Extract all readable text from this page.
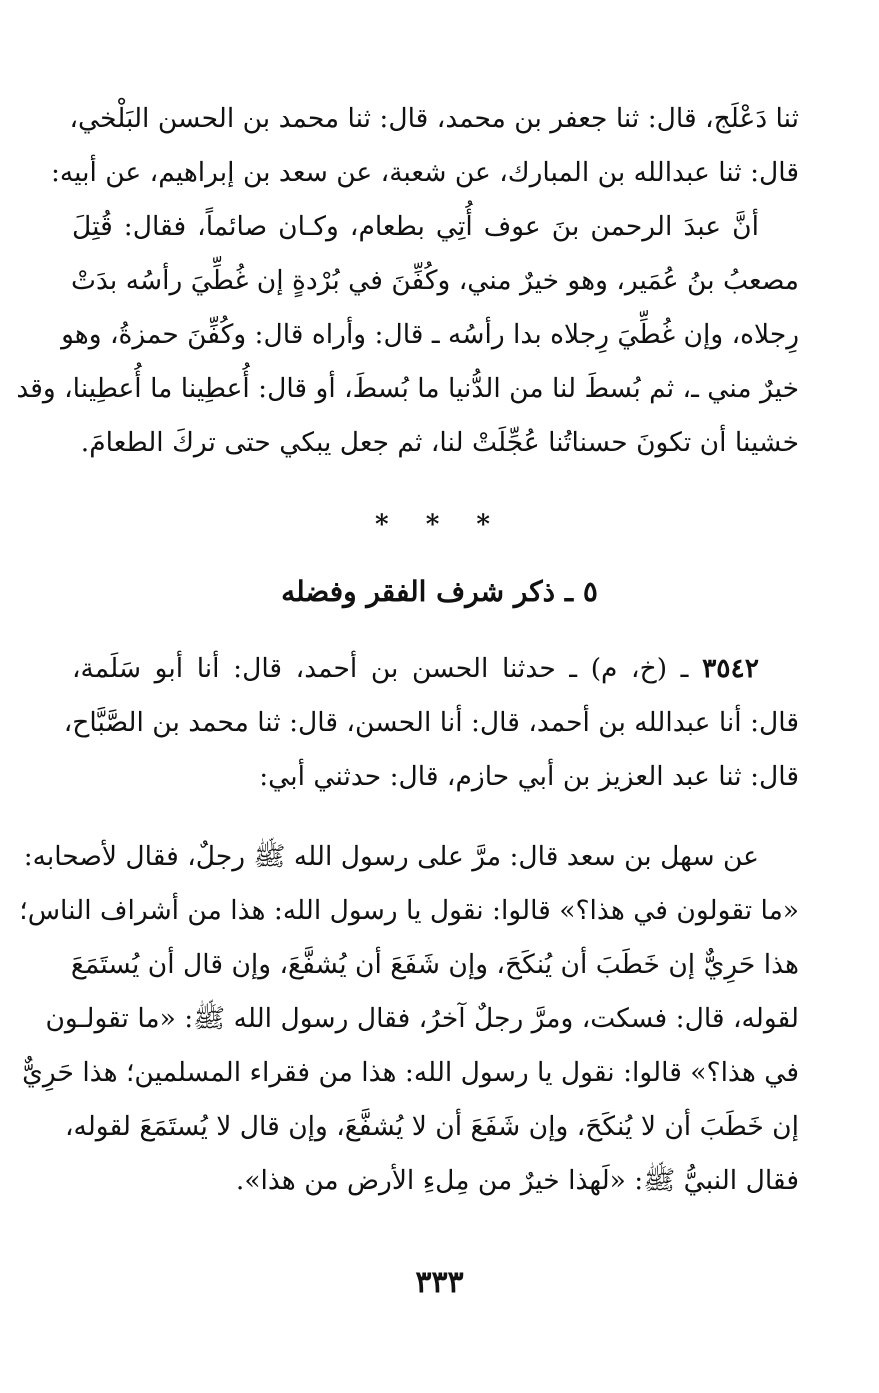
ثنا دَعْلَج، قال: ثنا جعفر بن محمد، قال: ثنا محمد بن الحسن البَلْخي،
قال: ثنا عبدالله بن المبارك، عن شعبة، عن سعد بن إبراهيم، عن أبيه:
أنَّ عبدَ الرحمن بنَ عوف أُتِي بطعام، وكـان صائماً، فقال: قُتِلَ
مصعبُ بنُ عُمَير، وهو خيرٌ مني، وكُفِّنَ في بُرْدةٍ إن غُطِّيَ رأسُه بدَتْ
رِجلاه، وإن غُطِّيَ رِجلاه بدا رأسُه ـ قال: وأراه قال: وكُفِّنَ حمزةُ، وهو
خيرٌ مني ـ، ثم بُسطَ لنا من الدُّنيا ما بُسطَ، أو قال: أُعطِينا ما أُعطِينا، وقد
خشينا أن تكونَ حسناتُنا عُجِّلَتْ لنا، ثم جعل يبكي حتى تركَ الطعامَ.
* * *
٥ ـ ذكر شرف الفقر وفضله
٣٥٤٢ ـ (خ، م) ـ حدثنا الحسن بن أحمد، قال: أنا أبو سَلَمة،
قال: أنا عبدالله بن أحمد، قال: أنا الحسن، قال: ثنا محمد بن الصَّبَّاح،
قال: ثنا عبد العزيز بن أبي حازم، قال: حدثني أبي:
عن سهل بن سعد قال: مرَّ على رسول الله ﷺ رجلٌ، فقال لأصحابه:
«ما تقولون في هذا؟» قالوا: نقول يا رسول الله: هذا من أشراف الناس؛
هذا حَرِيٌّ إن خَطَبَ أن يُنكَحَ، وإن شَفَعَ أن يُشفَّعَ، وإن قال أن يُستَمَعَ
لقوله، قال: فسكت، ومرَّ رجلٌ آخرُ، فقال رسول الله ﷺ: «ما تقولـون
في هذا؟» قالوا: نقول يا رسول الله: هذا من فقراء المسلمين؛ هذا حَرِيٌّ
إن خَطَبَ أن لا يُنكَحَ، وإن شَفَعَ أن لا يُشفَّعَ، وإن قال لا يُستَمَعَ لقوله،
فقال النبيُّ ﷺ: «لَهذا خيرٌ من مِلءِ الأرض من هذا».
٣٣٣
